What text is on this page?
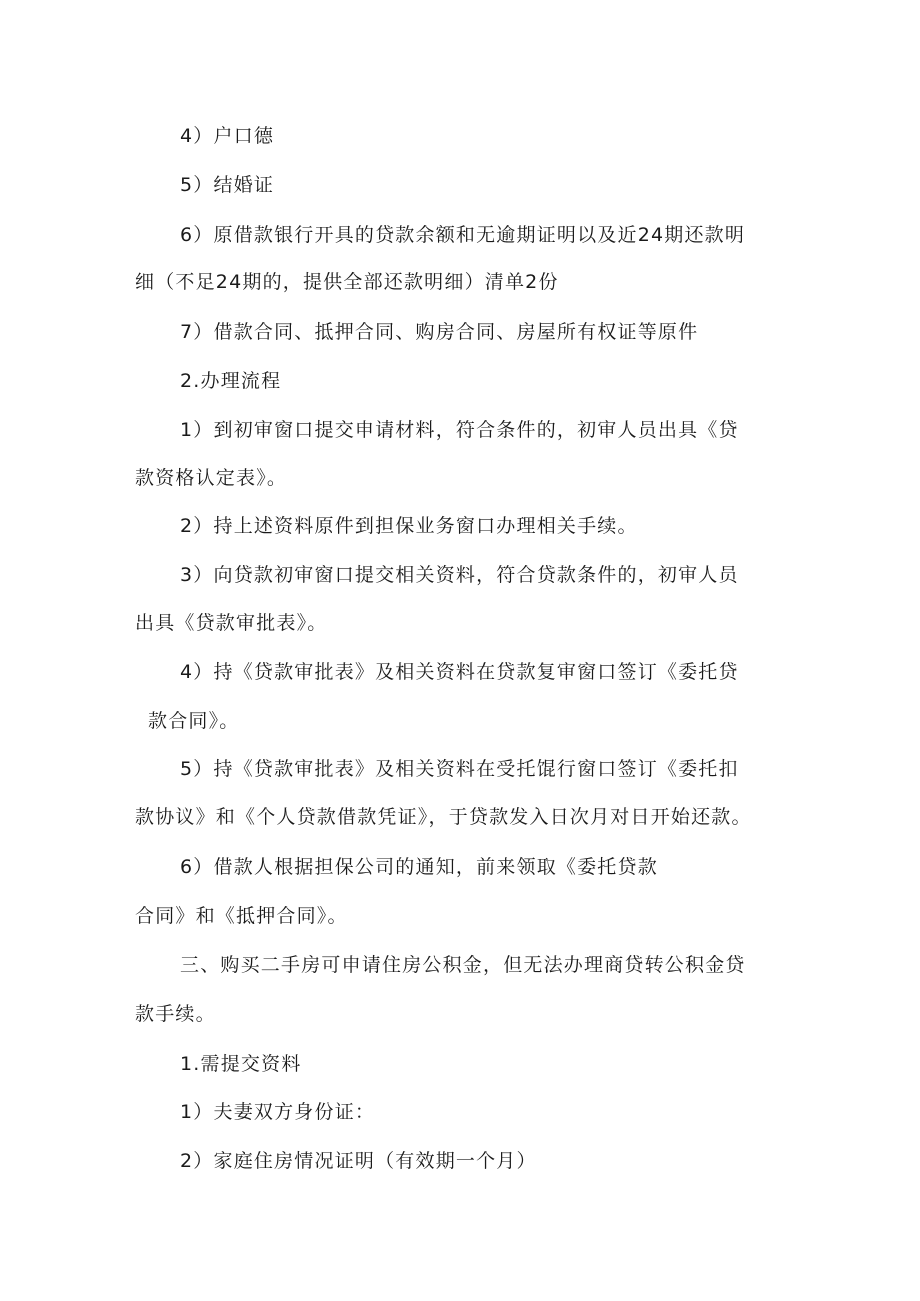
4）户口德
5）结婚证
6）原借款银行开具的贷款余额和无逾期证明以及近24期还款明
细（不足24期的，提供全部还款明细）清单2份
7）借款合同、抵押合同、购房合同、房屋所有权证等原件
2.办理流程
1）到初审窗口提交申请材料，符合条件的，初审人员出具《贷
款资格认定表》。
2）持上述资料原件到担保业务窗口办理相关手续。
3）向贷款初审窗口提交相关资料，符合贷款条件的，初审人员
出具《贷款审批表》。
4）持《贷款审批表》及相关资料在贷款复审窗口签订《委托贷
款合同》。
5）持《贷款审批表》及相关资料在受托馄行窗口签订《委托扣
款协议》和《个人贷款借款凭证》，于贷款发入日次月对日开始还款。
6）借款人根据担保公司的通知，前来领取《委托贷款
合同》和《抵押合同》。
三、购买二手房可申请住房公积金，但无法办理商贷转公积金贷
款手续。
1.需提交资料
1）夫妻双方身份证：
2）家庭住房情况证明（有效期一个月）
